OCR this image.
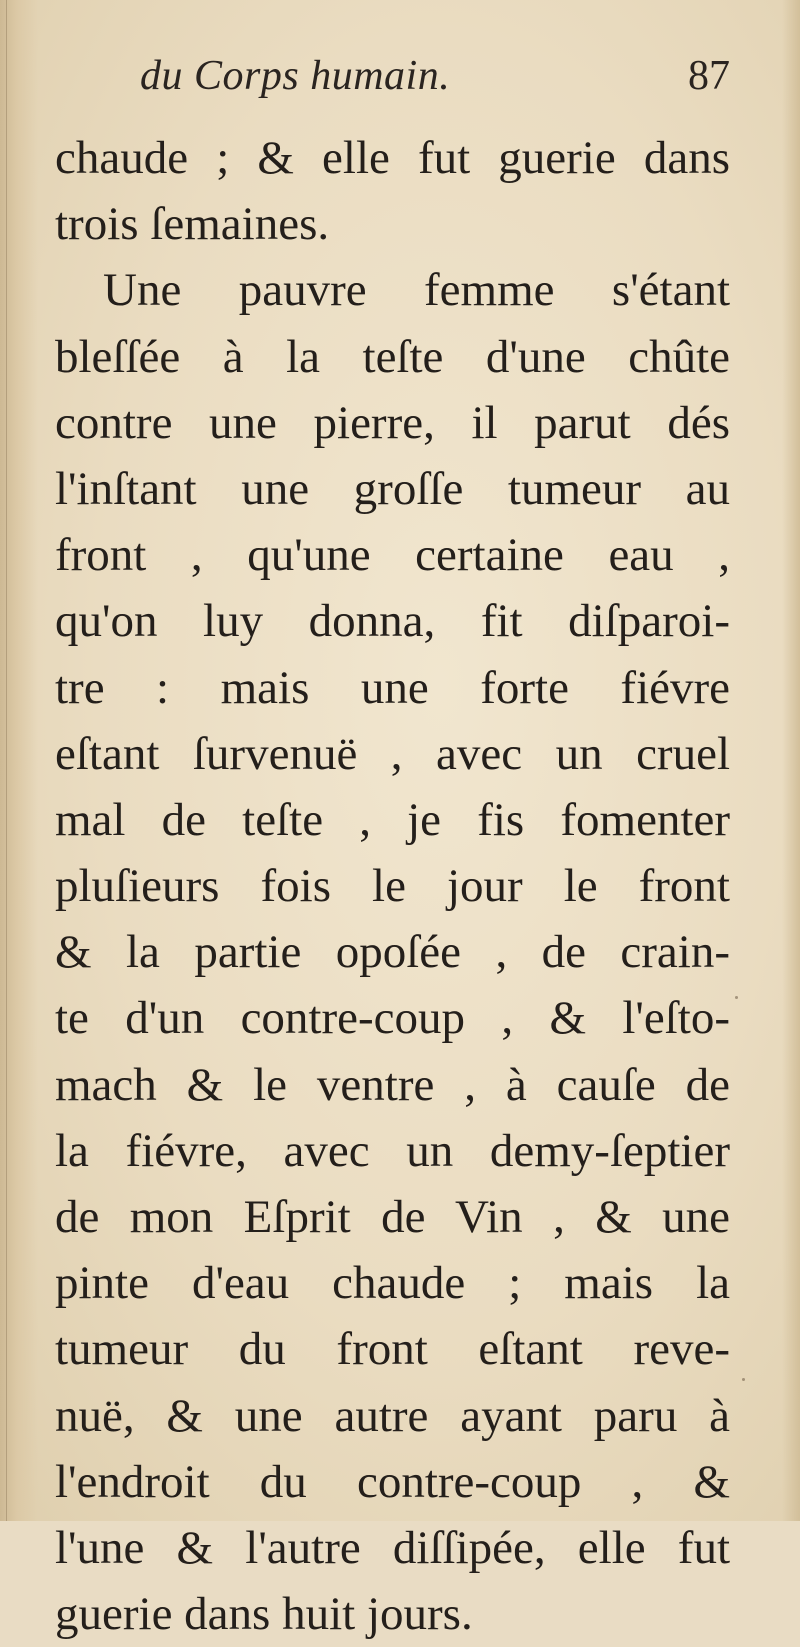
du Corps humain.	87
chaude ; & elle fut guerie dans
trois ſemaines.
Une pauvre femme s'étant
bleſſée à la teſte d'une chûte
contre une pierre, il parut dés
l'inſtant une groſſe tumeur au
front , qu'une certaine eau ,
qu'on luy donna, fit diſparoi-
tre : mais une forte fiévre
eſtant ſurvenuë , avec un cruel
mal de teſte , je fis fomenter
pluſieurs fois le jour le front
& la partie opoſée , de crain-
te d'un contre-coup , & l'eſto-
mach & le ventre , à cauſe de
la fiévre, avec un demy-ſeptier
de mon Eſprit de Vin , & une
pinte d'eau chaude ; mais la
tumeur du front eſtant reve-
nuë, & une autre ayant paru à
l'endroit du contre-coup , &
l'une & l'autre diſſipée, elle fut
guerie dans huit jours.
